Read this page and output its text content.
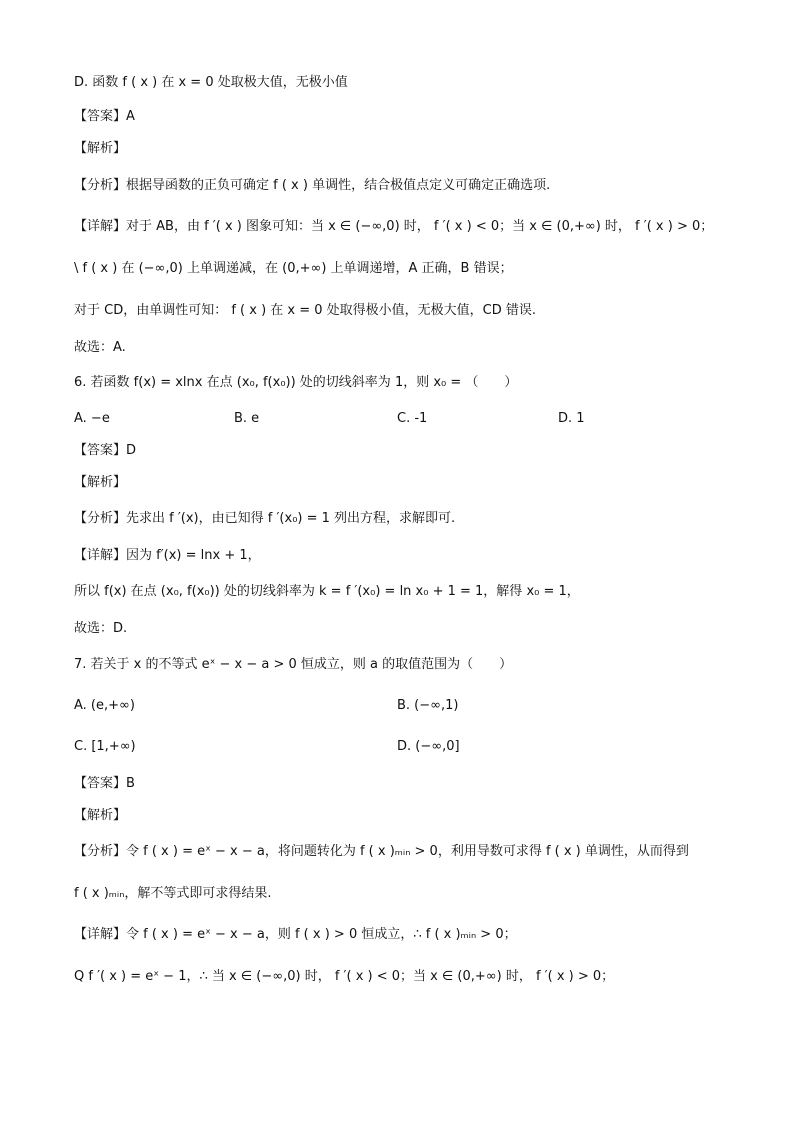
D. 函数 f ( x ) 在 x = 0 处取极大值，无极小值
【答案】A
【解析】
【分析】根据导函数的正负可确定 f ( x ) 单调性，结合极值点定义可确定正确选项.
【详解】对于 AB，由 f ′( x ) 图象可知：当 x ∈ (−∞,0) 时， f ′( x ) < 0；当 x ∈ (0,+∞) 时， f ′( x ) > 0；
\ f ( x ) 在 (−∞,0) 上单调递减，在 (0,+∞) 上单调递增，A 正确，B 错误；
对于 CD，由单调性可知： f ( x ) 在 x = 0 处取得极小值，无极大值，CD 错误.
故选：A.
6. 若函数 f(x) = xlnx 在点 (x₀, f(x₀)) 处的切线斜率为 1，则 x₀ = （　　）
A. −e	B. e	C. -1	D. 1
【答案】D
【解析】
【分析】先求出 f ′(x)，由已知得 f ′(x₀) = 1 列出方程，求解即可.
【详解】因为 f′(x) = lnx + 1，
所以 f(x) 在点 (x₀, f(x₀)) 处的切线斜率为 k = f ′(x₀) = ln x₀ + 1 = 1，解得 x₀ = 1，
故选：D.
7. 若关于 x 的不等式 eˣ − x − a > 0 恒成立，则 a 的取值范围为（　　）
A. (e,+∞)	B. (−∞,1)
C. [1,+∞)	D. (−∞,0]
【答案】B
【解析】
【分析】令 f ( x ) = eˣ − x − a，将问题转化为 f ( x )ₘᵢₙ > 0，利用导数可求得 f ( x ) 单调性，从而得到
f ( x )ₘᵢₙ，解不等式即可求得结果.
【详解】令 f ( x ) = eˣ − x − a，则 f ( x ) > 0 恒成立，∴ f ( x )ₘᵢₙ > 0；
Q f ′( x ) = eˣ − 1，∴ 当 x ∈ (−∞,0) 时， f ′( x ) < 0；当 x ∈ (0,+∞) 时， f ′( x ) > 0；
